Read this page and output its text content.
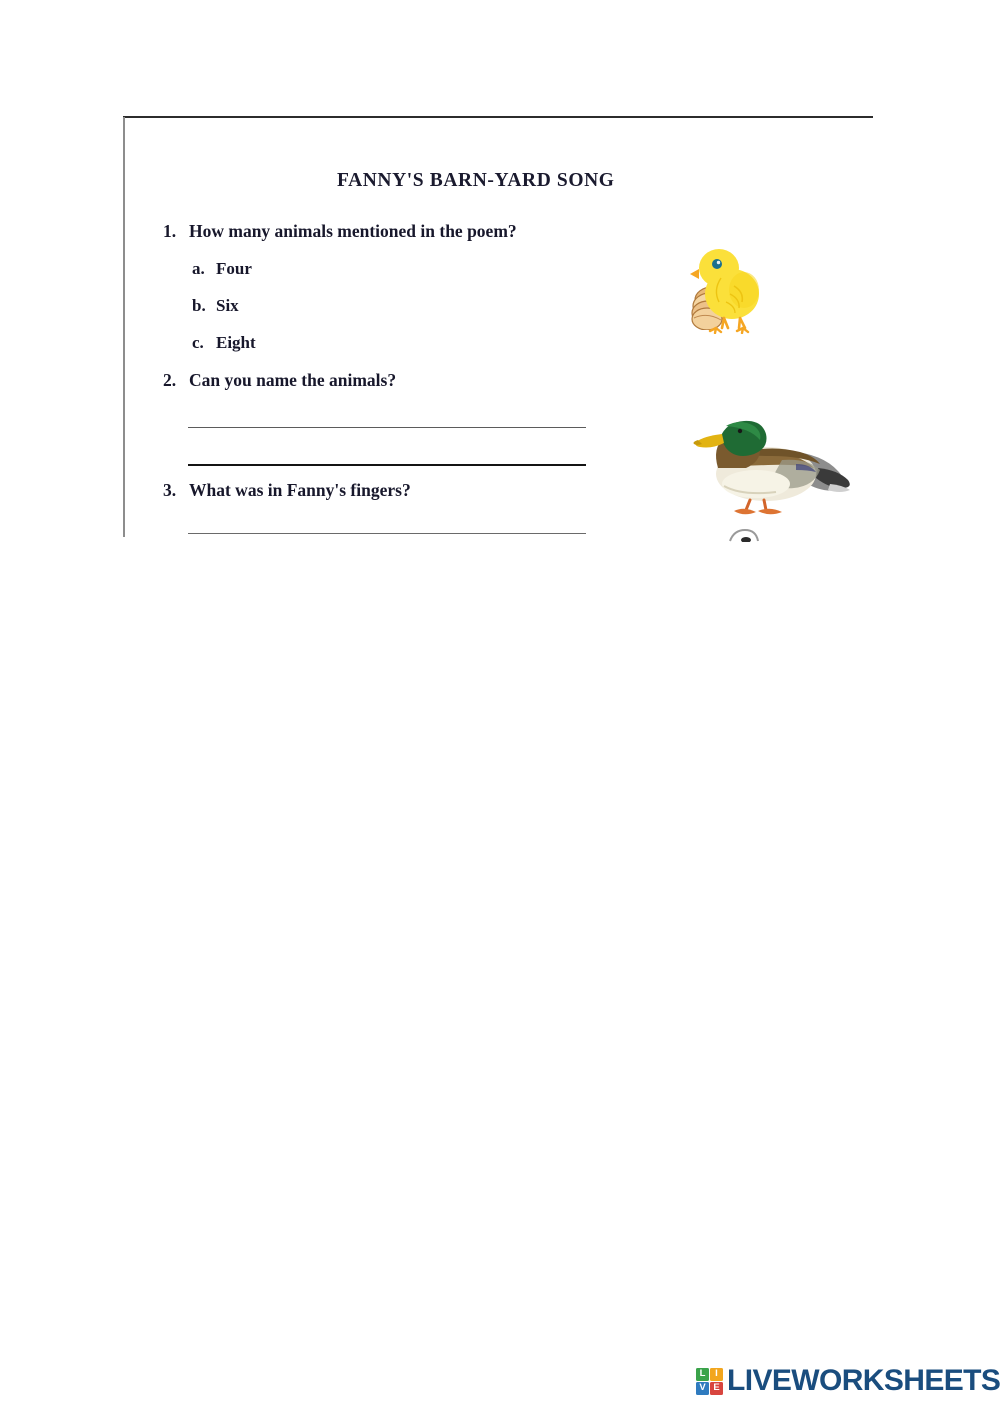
FANNY'S BARN-YARD SONG
1. How many animals mentioned in the poem?
a. Four
b. Six
c. Eight
2. Can you name the animals?
3. What was in Fanny's fingers?
L	I
V E LIVEWORKSHEETS
